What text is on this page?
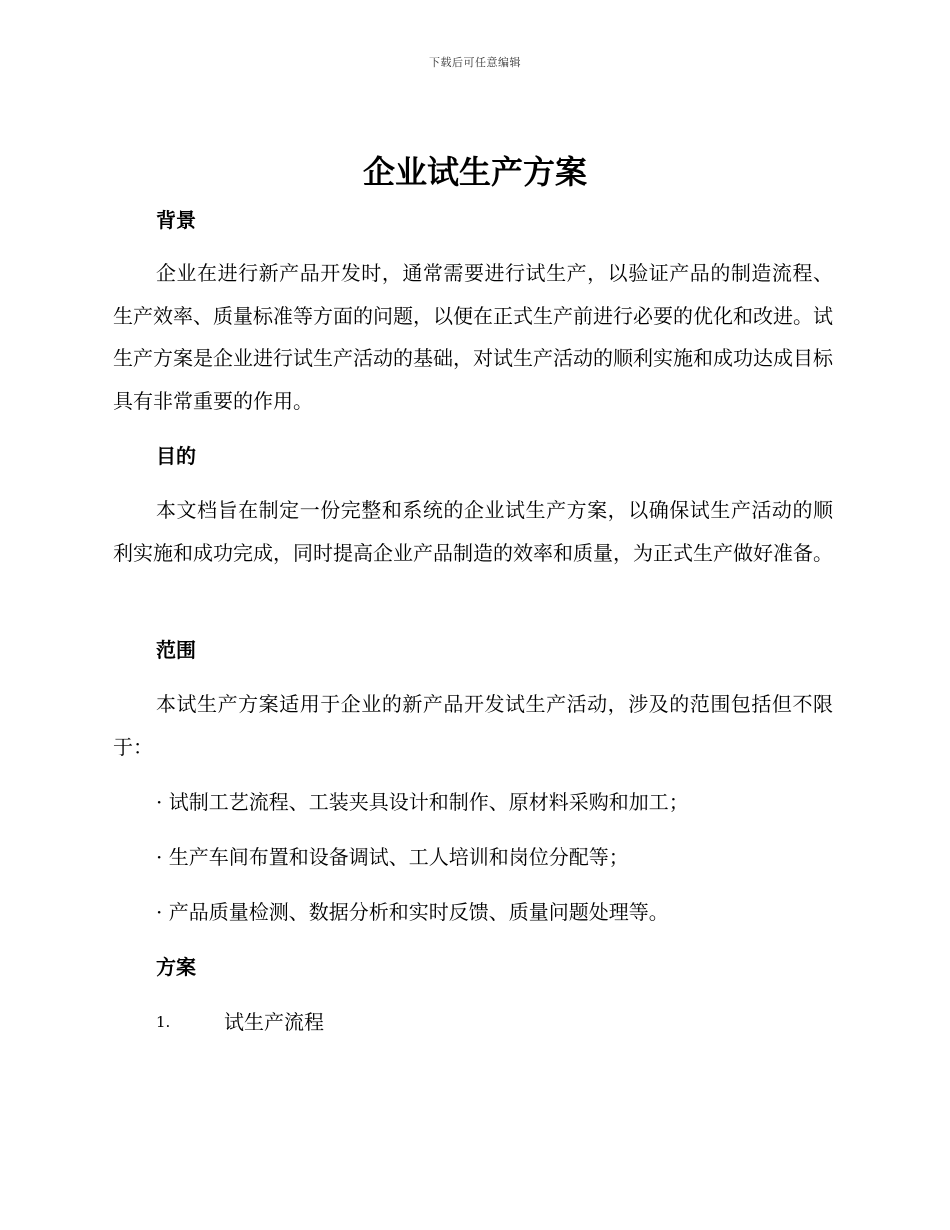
下载后可任意编辑
企业试生产方案
背景

企业在进行新产品开发时，通常需要进行试生产，以验证产品的制造流程、生产效率、质量标准等方面的问题，以便在正式生产前进行必要的优化和改进。试生产方案是企业进行试生产活动的基础，对试生产活动的顺利实施和成功达成目标具有非常重要的作用。

目的

本文档旨在制定一份完整和系统的企业试生产方案，以确保试生产活动的顺利实施和成功完成，同时提高企业产品制造的效率和质量，为正式生产做好准备。

范围

本试生产方案适用于企业的新产品开发试生产活动，涉及的范围包括但不限于：

· 试制工艺流程、工装夹具设计和制作、原材料采购和加工；

· 生产车间布置和设备调试、工人培训和岗位分配等；

· 产品质量检测、数据分析和实时反馈、质量问题处理等。

方案
1.	试生产流程
